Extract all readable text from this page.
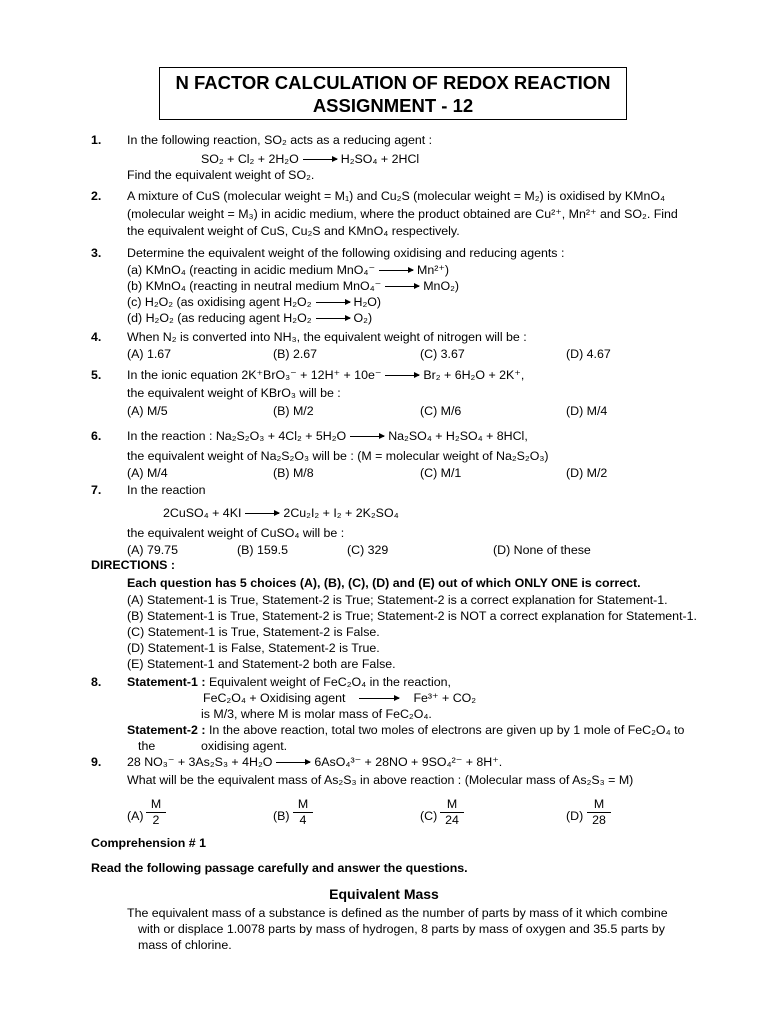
N FACTOR CALCULATION OF REDOX REACTION
ASSIGNMENT - 12
1. In the following reaction, SO₂ acts as a reducing agent :
SO₂ + Cl₂ + 2H₂O → H₂SO₄ + 2HCl
Find the equivalent weight of SO₂.
2. A mixture of CuS (molecular weight = M₁) and Cu₂S (molecular weight = M₂) is oxidised by KMnO₄
(molecular weight = M₃) in acidic medium, where the product obtained are Cu²⁺, Mn²⁺ and SO₂. Find
the equivalent weight of CuS, Cu₂S and KMnO₄ respectively.
3. Determine the equivalent weight of the following oxidising and reducing agents :
(a) KMnO₄ (reacting in acidic medium MnO₄⁻ → Mn²⁺)
(b) KMnO₄ (reacting in neutral medium MnO₄⁻ → MnO₂)
(c) H₂O₂ (as oxidising agent H₂O₂ → H₂O)
(d) H₂O₂ (as reducing agent H₂O₂ → O₂)
4. When N₂ is converted into NH₃, the equivalent weight of nitrogen will be :
(A) 1.67	(B) 2.67	(C) 3.67	(D) 4.67
5. In the ionic equation 2K⁺BrO₃⁻ + 12H⁺ + 10e⁻ → Br₂ + 6H₂O + 2K⁺,
the equivalent weight of KBrO₃ will be :
(A) M/5	(B) M/2	(C) M/6	(D) M/4
6. In the reaction : Na₂S₂O₃ + 4Cl₂ + 5H₂O → Na₂SO₄ + H₂SO₄ + 8HCl,
the equivalent weight of Na₂S₂O₃ will be : (M = molecular weight of Na₂S₂O₃)
(A) M/4	(B) M/8	(C) M/1	(D) M/2
7. In the reaction
2CuSO₄ + 4KI → 2Cu₂I₂ + I₂ + 2K₂SO₄
the equivalent weight of CuSO₄ will be :
(A) 79.75	(B) 159.5	(C) 329	(D) None of these
DIRECTIONS :
Each question has 5 choices (A), (B), (C), (D) and (E) out of which ONLY ONE is correct.
(A) Statement-1 is True, Statement-2 is True; Statement-2 is a correct explanation for Statement-1.
(B) Statement-1 is True, Statement-2 is True; Statement-2 is NOT a correct explanation for Statement-1.
(C) Statement-1 is True, Statement-2 is False.
(D) Statement-1 is False, Statement-2 is True.
(E) Statement-1 and Statement-2 both are False.
8. Statement-1 : Equivalent weight of FeC₂O₄ in the reaction,
FeC₂O₄ + Oxidising agent → Fe³⁺ + CO₂
is M/3, where M is molar mass of FeC₂O₄.
Statement-2 : In the above reaction, total two moles of electrons are given up by 1 mole of FeC₂O₄ to
the	oxidising agent.
9. 28 NO₃⁻ + 3As₂S₃ + 4H₂O → 6AsO₄³⁻ + 28NO + 9SO₄²⁻ + 8H⁺.
What will be the equivalent mass of As₂S₃ in above reaction : (Molecular mass of As₂S₃ = M)
(A)
M
2	(B)
M
4	(C)
M
24	(D)
M
28
Comprehension # 1
Read the following passage carefully and answer the questions.
Equivalent Mass
The equivalent mass of a substance is defined as the number of parts by mass of it which combine
with or displace 1.0078 parts by mass of hydrogen, 8 parts by mass of oxygen and 35.5 parts by
mass of chlorine.
